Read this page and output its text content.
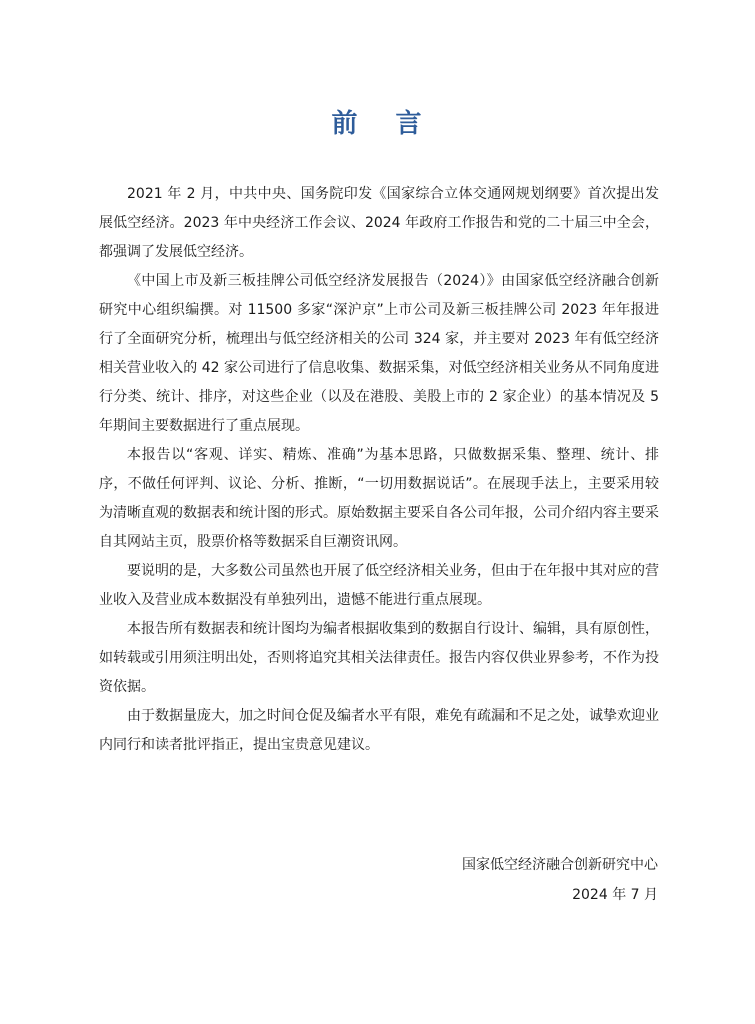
前 言

2021 年 2 月，中共中央、国务院印发《国家综合立体交通网规划纲要》首次提出发展低空经济。2023 年中央经济工作会议、2024 年政府工作报告和党的二十届三中全会，都强调了发展低空经济。

《中国上市及新三板挂牌公司低空经济发展报告（2024）》由国家低空经济融合创新研究中心组织编撰。对 11500 多家“深沪京”上市公司及新三板挂牌公司 2023 年年报进行了全面研究分析，梳理出与低空经济相关的公司 324 家，并主要对 2023 年有低空经济相关营业收入的 42 家公司进行了信息收集、数据采集，对低空经济相关业务从不同角度进行分类、统计、排序，对这些企业（以及在港股、美股上市的 2 家企业）的基本情况及 5 年期间主要数据进行了重点展现。

本报告以“客观、详实、精炼、准确”为基本思路，只做数据采集、整理、统计、排序，不做任何评判、议论、分析、推断，“一切用数据说话”。在展现手法上，主要采用较为清晰直观的数据表和统计图的形式。原始数据主要采自各公司年报，公司介绍内容主要采自其网站主页，股票价格等数据采自巨潮资讯网。

要说明的是，大多数公司虽然也开展了低空经济相关业务，但由于在年报中其对应的营业收入及营业成本数据没有单独列出，遗憾不能进行重点展现。

本报告所有数据表和统计图均为编者根据收集到的数据自行设计、编辑，具有原创性，如转载或引用须注明出处，否则将追究其相关法律责任。报告内容仅供业界参考，不作为投资依据。

由于数据量庞大，加之时间仓促及编者水平有限，难免有疏漏和不足之处，诚挚欢迎业内同行和读者批评指正，提出宝贵意见建议。

国家低空经济融合创新研究中心
2024 年 7 月
